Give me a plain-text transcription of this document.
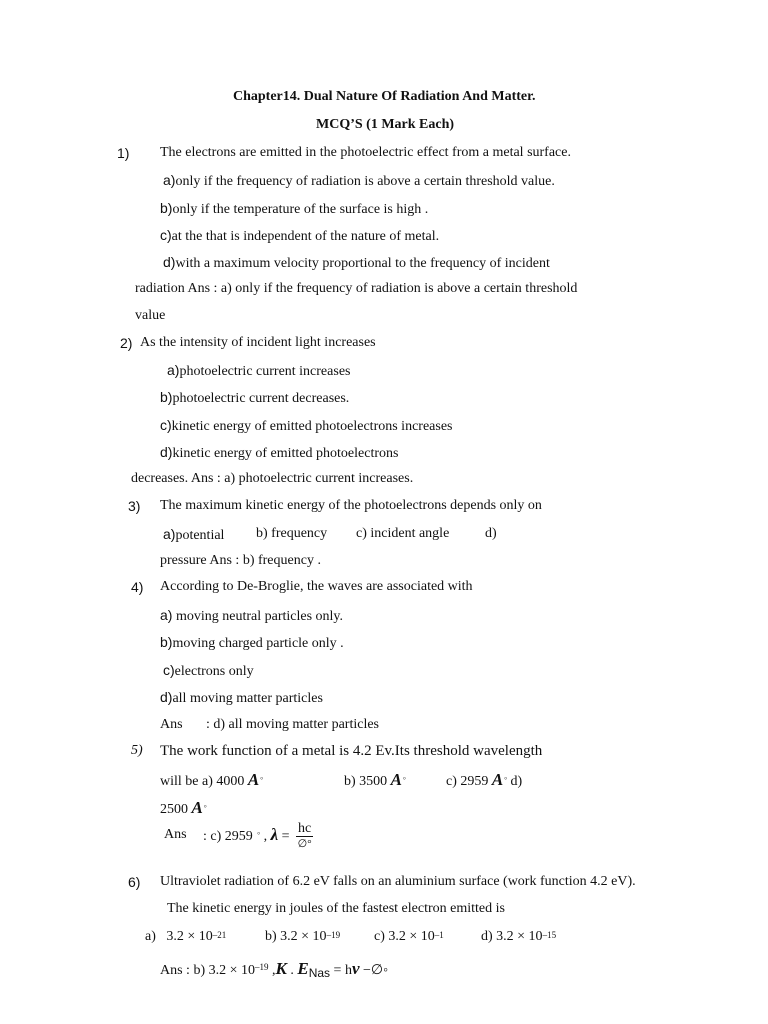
Chapter14. Dual Nature Of Radiation And Matter.
MCQ’S (1 Mark Each)
1) The electrons are emitted in the photoelectric effect from a metal surface.
a)only if the frequency of radiation is above a certain threshold value.
b)only if the temperature of the surface is high .
c)at the that is independent of the nature of metal.
d)with a maximum velocity proportional to the frequency of incident
radiation Ans : a) only if the frequency of radiation is above a certain threshold
value
2) As the intensity of incident light increases
a)photoelectric current increases
b)photoelectric current decreases.
c)kinetic energy of emitted photoelectrons increases
d)kinetic energy of emitted photoelectrons
decreases. Ans : a) photoelectric current increases.
3) The maximum kinetic energy of the photoelectrons depends only on
a)potential b) frequency c) incident angle	d)
pressure Ans : b) frequency .
4) According to De-Broglie, the waves are associated with
a) moving neutral particles only.
b)moving charged particle only .
c)electrons only
d)all moving matter particles
Ans : d) all moving matter particles
5) The work function of a metal is 4.2 Ev.Its threshold wavelength
will be a) 4000 A°	b) 3500 A°	c) 2959 A° d)
2500 A°
Ans : c) 2959 ° , $\lambda = \frac{hc}{\emptyset^\circ}$
6) Ultraviolet radiation of 6.2 eV falls on an aluminium surface (work function 4.2 eV).
The kinetic energy in joules of the fastest electron emitted is
a) $3.2 \times 10^{-21}$	b) $3.2 \times 10^{-19}$ c) $3.2 \times 10^{-1}$	d) $3.2 \times 10^{-15}$
Ans : b) $3.2 \times 10^{-19}$ ,K . ENas = hν −∅◦
